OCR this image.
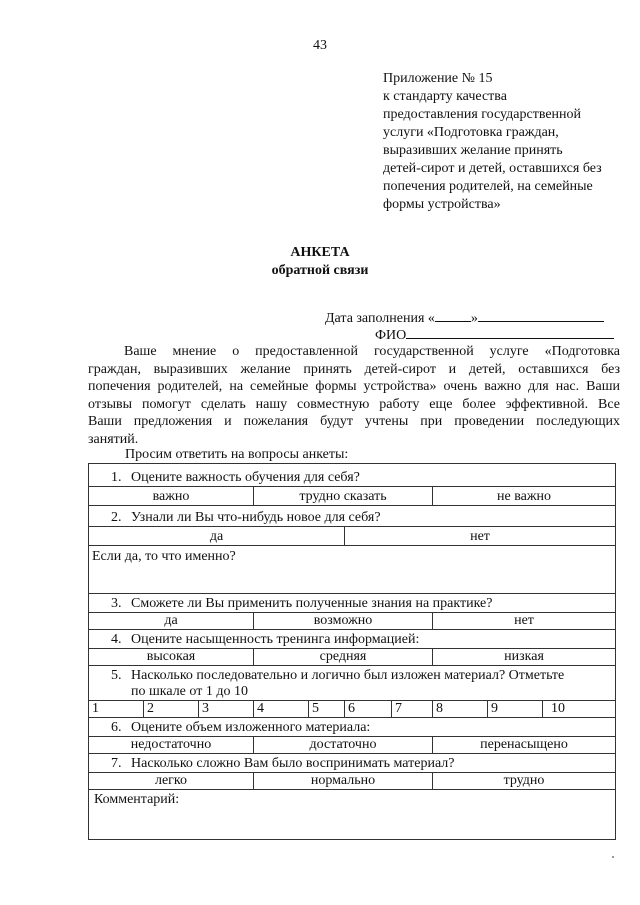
43
Приложение № 15
к стандарту качества
предоставления государственной
услуги «Подготовка граждан,
выразивших желание принять
детей-сирот и детей, оставшихся без
попечения родителей, на семейные
формы устройства»
АНКЕТА
обратной связи
Дата заполнения «	»
ФИО
Ваше мнение о предоставленной государственной услуге «Подготовка
граждан, выразивших желание принять детей-сирот и детей, оставшихся без
попечения родителей, на семейные формы устройства» очень важно для нас. Ваши
отзывы помогут сделать нашу совместную работу еще более эффективной. Все
Ваши предложения и пожелания будут учтены при проведении последующих
занятий.
Просим ответить на вопросы анкеты:
1. Оцените важность обучения для себя?									
важно			трудно сказать				не важно		
2. Узнали ли Вы что-нибудь новое для себя?									
да					нет				
Если да, то что именно?									
3. Сможете ли Вы применить полученные знания на практике?									
да			возможно				нет		
4. Оцените насыщенность тренинга информацией:									
высокая			средняя				низкая		
5. Насколько последовательно и логично был изложен материал? Отметьте
по шкале от 1 до 10									
1	2	3	4	5	6	7	8	9	10
6. Оцените объем изложенного материала:									
недостаточно			достаточно				перенасыщено		
7. Насколько сложно Вам было воспринимать материал?									
легко			нормально				трудно		
Комментарий:									
